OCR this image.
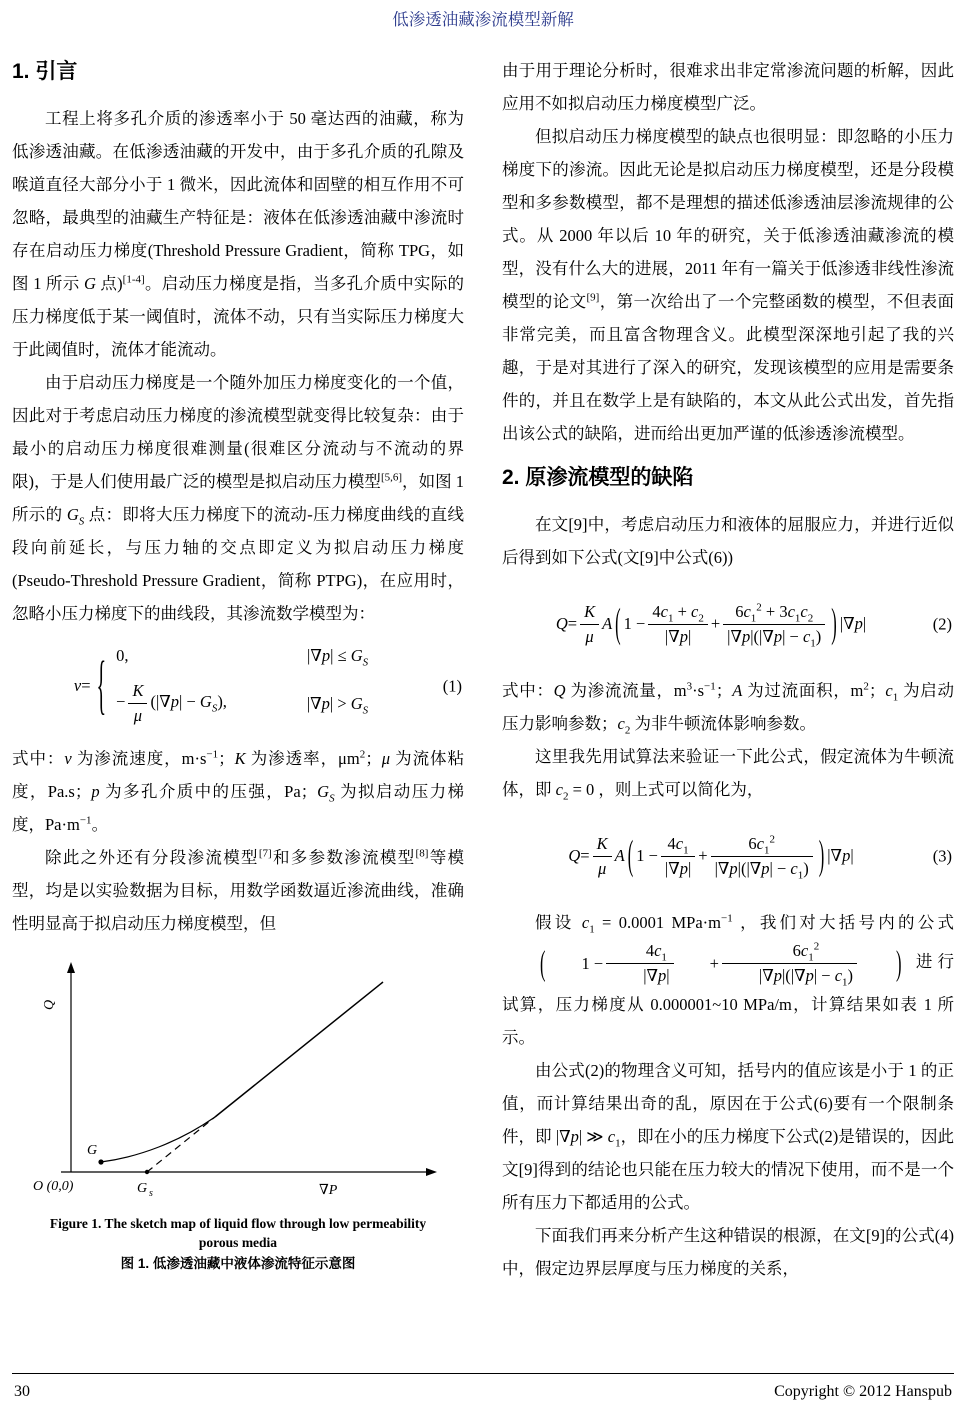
低渗透油藏渗流模型新解
1. 引言

工程上将多孔介质的渗透率小于 50 毫达西的油藏，称为低渗透油藏。在低渗透油藏的开发中，由于多孔介质的孔隙及喉道直径大部分小于 1 微米，因此流体和固壁的相互作用不可忽略，最典型的油藏生产特征是：液体在低渗透油藏中渗流时存在启动压力梯度(Threshold Pressure Gradient，简称 TPG，如图 1 所示 G 点)[1-4]。启动压力梯度是指，当多孔介质中实际的压力梯度低于某一阈值时，流体不动，只有当实际压力梯度大于此阈值时，流体才能流动。

由于启动压力梯度是一个随外加压力梯度变化的一个值，因此对于考虑启动压力梯度的渗流模型就变得比较复杂：由于最小的启动压力梯度很难测量(很难区分流动与不流动的界限)，于是人们使用最广泛的模型是拟启动压力模型[5,6]，如图 1 所示的 $G_S$ 点：即将大压力梯度下的流动-压力梯度曲线的直线段向前延长，与压力轴的交点即定义为拟启动压力梯度(Pseudo-Threshold Pressure Gradient，简称 PTPG)，在应用时，忽略小压力梯度下的曲线段，其渗流数学模型为：

v = { 0,	$|\nabla p| \le G_S$
− $\frac{K}{\mu} (|\nabla p| - G_S)$,	$|\nabla p| > G_S$
(1)

式中：v 为渗流速度，$m\cdot s^{-1}$；K 为渗透率，$\mu m^2$；μ 为流体粘度，Pa.s；p 为多孔介质中的压强，Pa；$G_S$ 为拟启动压力梯度，$Pa\cdot m^{-1}$。

除此之外还有分段渗流模型[7]和多参数渗流模型[8]等模型，均是以实验数据为目标，用数学函数逼近渗流曲线，准确性明显高于拟启动压力梯度模型，但

Q
O (0,0)
G
G s	∇P
Figure 1. The sketch map of liquid flow through low permeability
porous media
图 1. 低渗透油藏中液体渗流特征示意图

由于用于理论分析时，很难求出非定常渗流问题的析解，因此应用不如拟启动压力梯度模型广泛。

但拟启动压力梯度模型的缺点也很明显：即忽略的小压力梯度下的渗流。因此无论是拟启动压力梯度模型，还是分段模型和多参数模型，都不是理想的描述低渗透油层渗流规律的公式。从 2000 年以后 10 年的研究，关于低渗透油藏渗流的模型，没有什么大的进展，2011 年有一篇关于低渗透非线性渗流模型的论文[9]，第一次给出了一个完整函数的模型，不但表面非常完美，而且富含物理含义。此模型深深地引起了我的兴趣，于是对其进行了深入的研究，发现该模型的应用是需要条件的，并且在数学上是有缺陷的，本文从此公式出发，首先指出该公式的缺陷，进而给出更加严谨的低渗透渗流模型。

2. 原渗流模型的缺陷

在文[9]中，考虑启动压力和液体的屈服应力，并进行近似后得到如下公式(文[9]中公式(6))

$Q = \frac{K}{\mu}$ A ( $1 - \frac{4c_1 + c_2}{|\nabla p|} + \frac{6c_1^2 + 3c_1c_2}{|\nabla p|(|\nabla p| - c_1)}$ ) |∇ p |	(2)

式中：Q 为渗流流量，$m^3\cdot s^{-1}$；A 为过流面积，$m^2$；$c_1$ 为启动压力影响参数；$c_2$ 为非牛顿流体影响参数。

这里我先用试算法来验证一下此公式，假定流体为牛顿流体，即 $c_2 = 0$ ，则上式可以简化为，

$Q = \frac{K}{\mu}$ A ( $1 - \frac{4c_1}{|\nabla p|} + \frac{6c_1^2}{|\nabla p|(|\nabla p| - c_1)}$ ) |∇ p |	(3)

假设 $c_1 = 0.0001$ $MPa\cdot m^{-1}$ ，我们对大括号内的公式
( $1 - \frac{4c_1}{|\nabla p|} + \frac{6c_1^2}{|\nabla p|(|\nabla p| - c_1)}$	) 进行试算，压力梯度从 0.000001~10 MPa/m，计算结果如表 1 所示。

由公式(2)的物理含义可知，括号内的值应该是小于 1 的正值，而计算结果出奇的乱，原因在于公式(6)要有一个限制条件，即 |∇p| ≫ $c_1$，即在小的压力梯度下公式(2)是错误的，因此文[9]得到的结论也只能在压力较大的情况下使用，而不是一个所有压力下都适用的公式。

下面我们再来分析产生这种错误的根源，在文[9]的公式(4)中，假定边界层厚度与压力梯度的关系，

30	Copyright © 2012 Hanspub
